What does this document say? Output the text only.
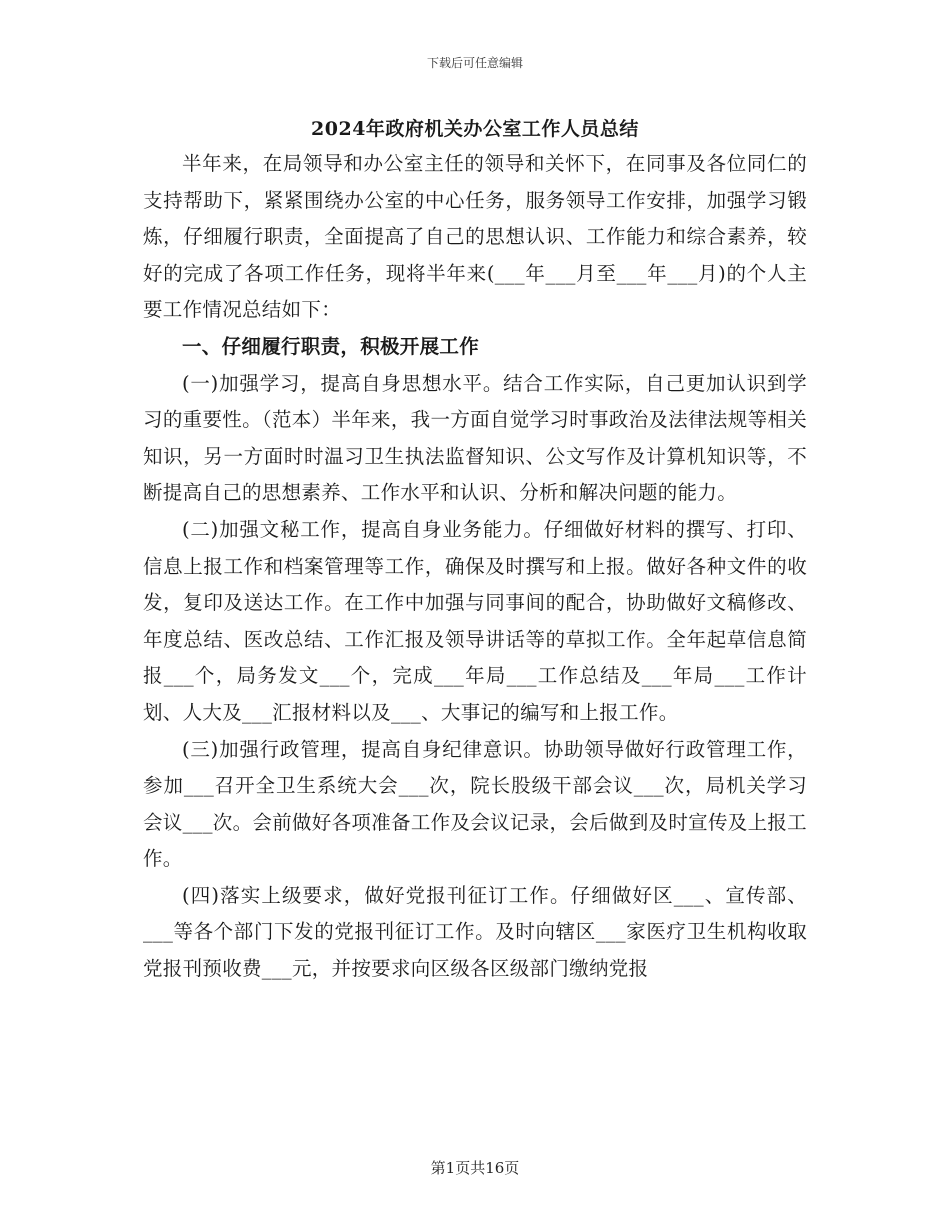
下载后可任意编辑
2024年政府机关办公室工作人员总结

半年来，在局领导和办公室主任的领导和关怀下，在同事及各位同仁的支持帮助下，紧紧围绕办公室的中心任务，服务领导工作安排，加强学习锻炼，仔细履行职责，全面提高了自己的思想认识、工作能力和综合素养，较好的完成了各项工作任务，现将半年来(___年___月至___年___月)的个人主要工作情况总结如下：

一、仔细履行职责，积极开展工作

(一)加强学习，提高自身思想水平。结合工作实际，自己更加认识到学习的重要性。（范本）半年来，我一方面自觉学习时事政治及法律法规等相关知识，另一方面时时温习卫生执法监督知识、公文写作及计算机知识等，不断提高自己的思想素养、工作水平和认识、分析和解决问题的能力。

(二)加强文秘工作，提高自身业务能力。仔细做好材料的撰写、打印、信息上报工作和档案管理等工作，确保及时撰写和上报。做好各种文件的收发，复印及送达工作。在工作中加强与同事间的配合，协助做好文稿修改、年度总结、医改总结、工作汇报及领导讲话等的草拟工作。全年起草信息简报___个，局务发文___个，完成___年局___工作总结及___年局___工作计划、人大及___汇报材料以及___、大事记的编写和上报工作。

(三)加强行政管理，提高自身纪律意识。协助领导做好行政管理工作，参加___召开全卫生系统大会___次，院长股级干部会议___次，局机关学习会议___次。会前做好各项准备工作及会议记录，会后做到及时宣传及上报工作。

(四)落实上级要求，做好党报刊征订工作。仔细做好区___、宣传部、___等各个部门下发的党报刊征订工作。及时向辖区___家医疗卫生机构收取党报刊预收费___元，并按要求向区级各区级部门缴纳党报

第1页共16页
